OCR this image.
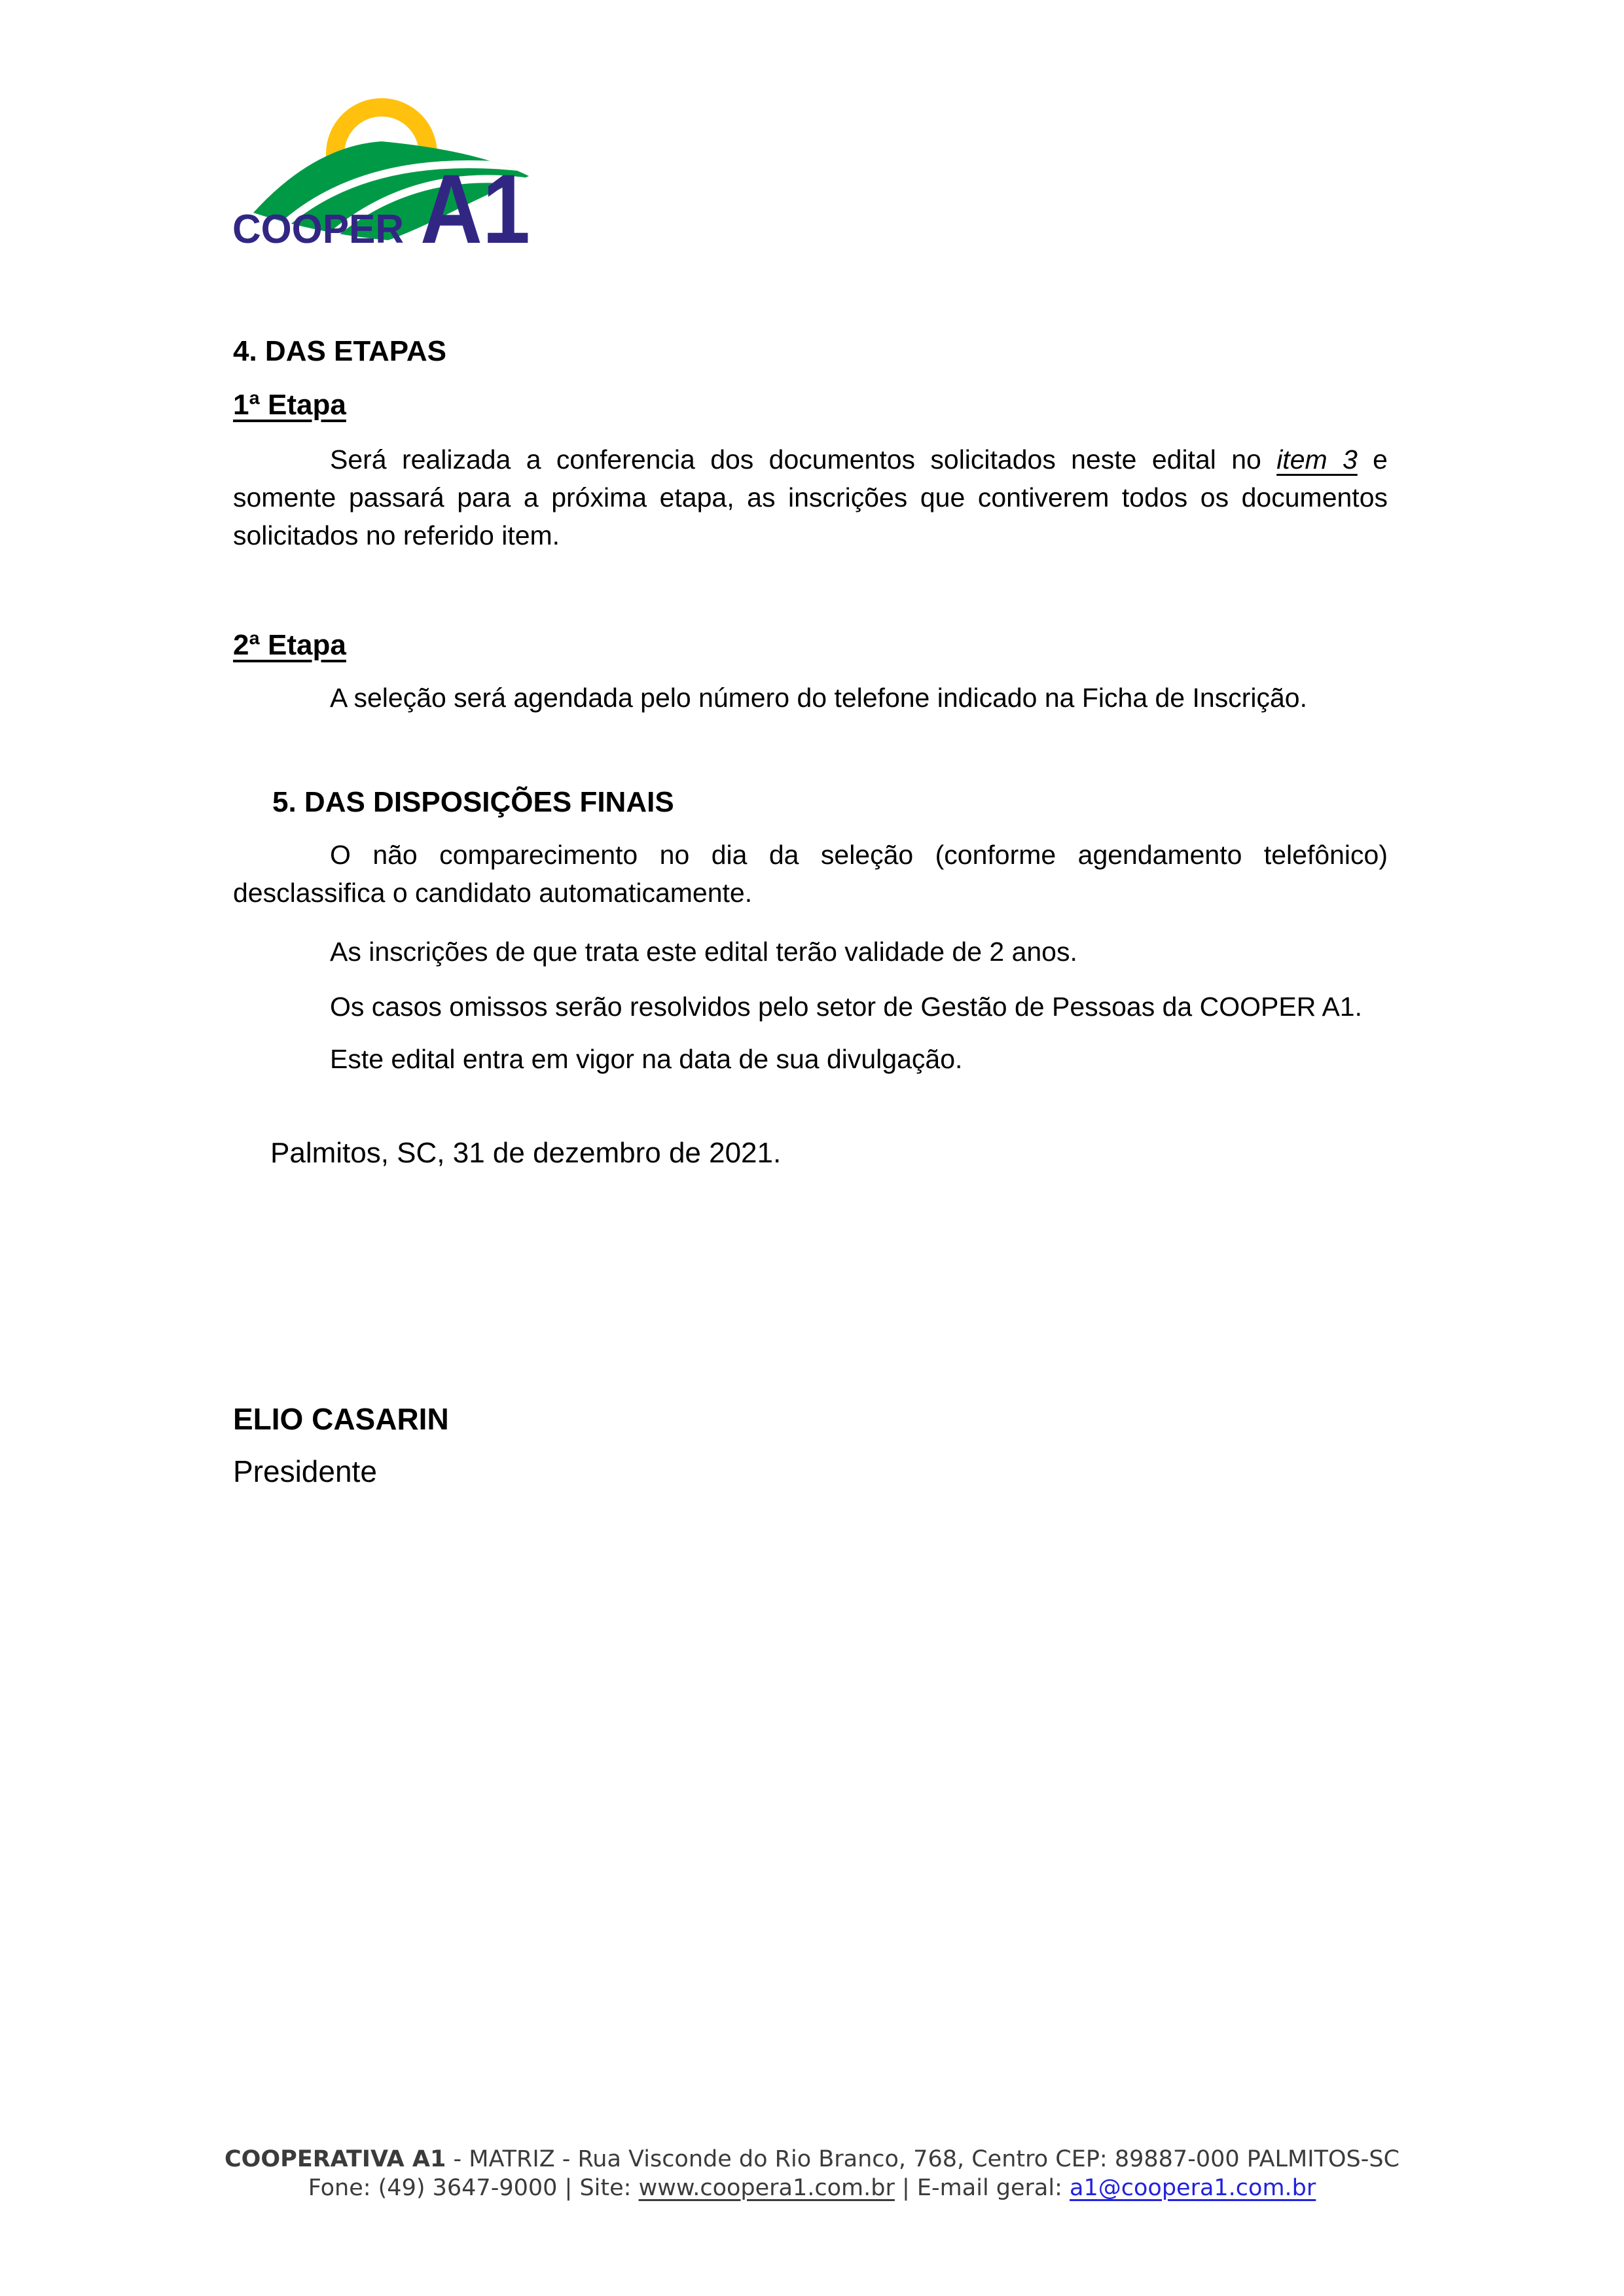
COOPER A1
4. DAS ETAPAS
1ª Etapa

Será realizada a conferencia dos documentos solicitados neste edital no item 3 e somente passará para a próxima etapa, as inscrições que contiverem todos os documentos solicitados no referido item.

2ª Etapa

A seleção será agendada pelo número do telefone indicado na Ficha de Inscrição.

5. DAS DISPOSIÇÕES FINAIS

O não comparecimento no dia da seleção (conforme agendamento telefônico) desclassifica o candidato automaticamente.

As inscrições de que trata este edital terão validade de 2 anos.

Os casos omissos serão resolvidos pelo setor de Gestão de Pessoas da COOPER A1.

Este edital entra em vigor na data de sua divulgação.

Palmitos, SC, 31 de dezembro de 2021.
ELIO CASARIN
Presidente
COOPERATIVA A1 - MATRIZ - Rua Visconde do Rio Branco, 768, Centro CEP: 89887-000 PALMITOS-SC
Fone: (49) 3647-9000 | Site: www.coopera1.com.br | E-mail geral: a1@coopera1.com.br
